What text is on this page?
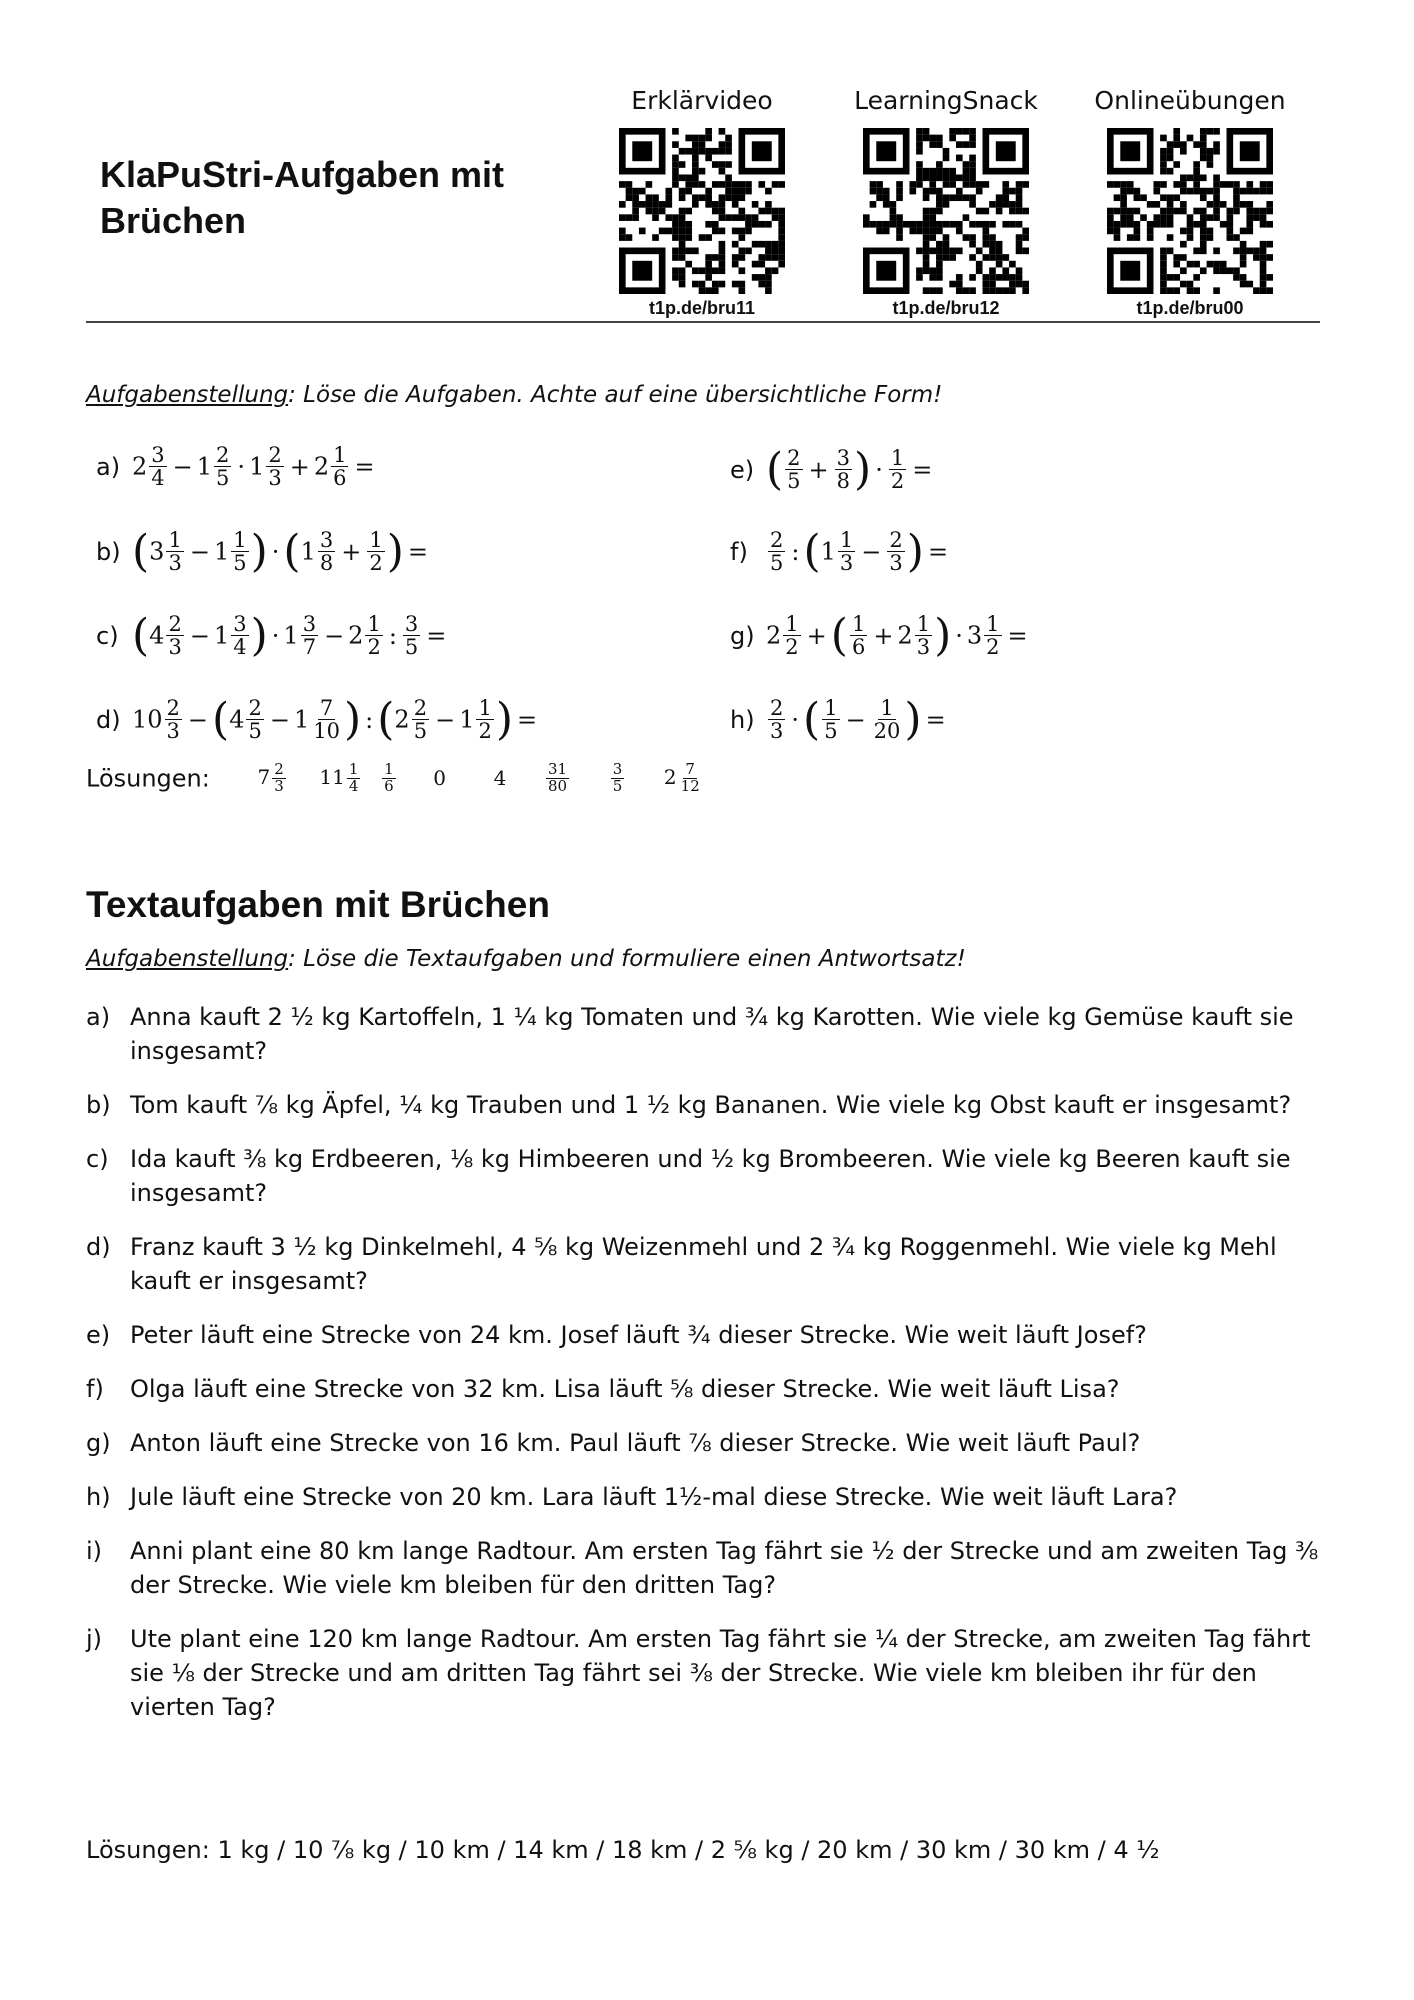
KlaPuStri-Aufgaben mit Brüchen
Erklärvideo
t1p.de/bru11
LearningSnack
t1p.de/bru12
Onlineübungen
t1p.de/bru00
Aufgabenstellung: Löse die Aufgaben. Achte auf eine übersichtliche Form!
a) $2 \frac{3}{4} - 1 \frac{2}{5} \cdot 1 \frac{2}{3} + 2 \frac{1}{6}$ =
b) ($3 \frac{1}{3} - 1 \frac{1}{5}$ ) $\cdot(1 \frac{3}{8} + \frac{1}{2}$ ) =
c) ($4 \frac{2}{3} - 1 \frac{3}{4}$ ) · $1 \frac{3}{7} - 2 \frac{1}{2}$ : $\frac{3}{5}$ =
d) $10 \frac{2}{3} -(4 \frac{2}{5} - 1 \frac{7}{10}$ ) :(2 $\frac{2}{5} - 1 \frac{1}{2}$ ) =
e) ( $\frac{2}{5} + \frac{3}{8}$ ) · $\frac{1}{2}$ =
$f) \frac{2}{5}$ :(1 $\frac{1}{3} - \frac{2}{3}$ ) =
g) $2 \frac{1}{2}$ +( $\frac{1}{6} + 2 \frac{1}{3}$ ) · $3 \frac{1}{2}$ =
$h) \frac{2}{3}$ ·( $\frac{1}{5} - \frac{1}{20}$ ) =
Lösungen: $7 \frac{2}{3} 11 \frac{1}{4}$
$\frac{1}{6} 0$ 4	$\frac{31}{80}$
	$\frac{3}{5} 2 \frac{7}{12}$
Textaufgaben mit Brüchen
Aufgabenstellung: Löse die Textaufgaben und formuliere einen Antwortsatz!
a) Anna kauft 2 ½ kg Kartoffeln, 1 ¼ kg Tomaten und ¾ kg Karotten. Wie viele kg Gemüse kauft sie insgesamt?
b) Tom kauft ⅞ kg Äpfel, ¼ kg Trauben und 1 ½ kg Bananen. Wie viele kg Obst kauft er insgesamt?
c) Ida kauft ⅜ kg Erdbeeren, ⅛ kg Himbeeren und ½ kg Brombeeren. Wie viele kg Beeren kauft sie insgesamt?
d) Franz kauft 3 ½ kg Dinkelmehl, 4 ⅝ kg Weizenmehl und 2 ¾ kg Roggenmehl. Wie viele kg Mehl kauft er insgesamt?
e) Peter läuft eine Strecke von 24 km. Josef läuft ¾ dieser Strecke. Wie weit läuft Josef?
f) Olga läuft eine Strecke von 32 km. Lisa läuft ⅝ dieser Strecke. Wie weit läuft Lisa?
g) Anton läuft eine Strecke von 16 km. Paul läuft ⅞ dieser Strecke. Wie weit läuft Paul?
h) Jule läuft eine Strecke von 20 km. Lara läuft 1½-mal diese Strecke. Wie weit läuft Lara?
i) Anni plant eine 80 km lange Radtour. Am ersten Tag fährt sie ½ der Strecke und am zweiten Tag ⅜ der Strecke. Wie viele km bleiben für den dritten Tag?
j) Ute plant eine 120 km lange Radtour. Am ersten Tag fährt sie ¼ der Strecke, am zweiten Tag fährt sie ⅛ der Strecke und am dritten Tag fährt sei ⅜ der Strecke. Wie viele km bleiben ihr für den vierten Tag?
Lösungen: 1 kg / 10 ⅞ kg / 10 km / 14 km / 18 km / 2 ⅝ kg / 20 km / 30 km / 30 km / 4 ½
